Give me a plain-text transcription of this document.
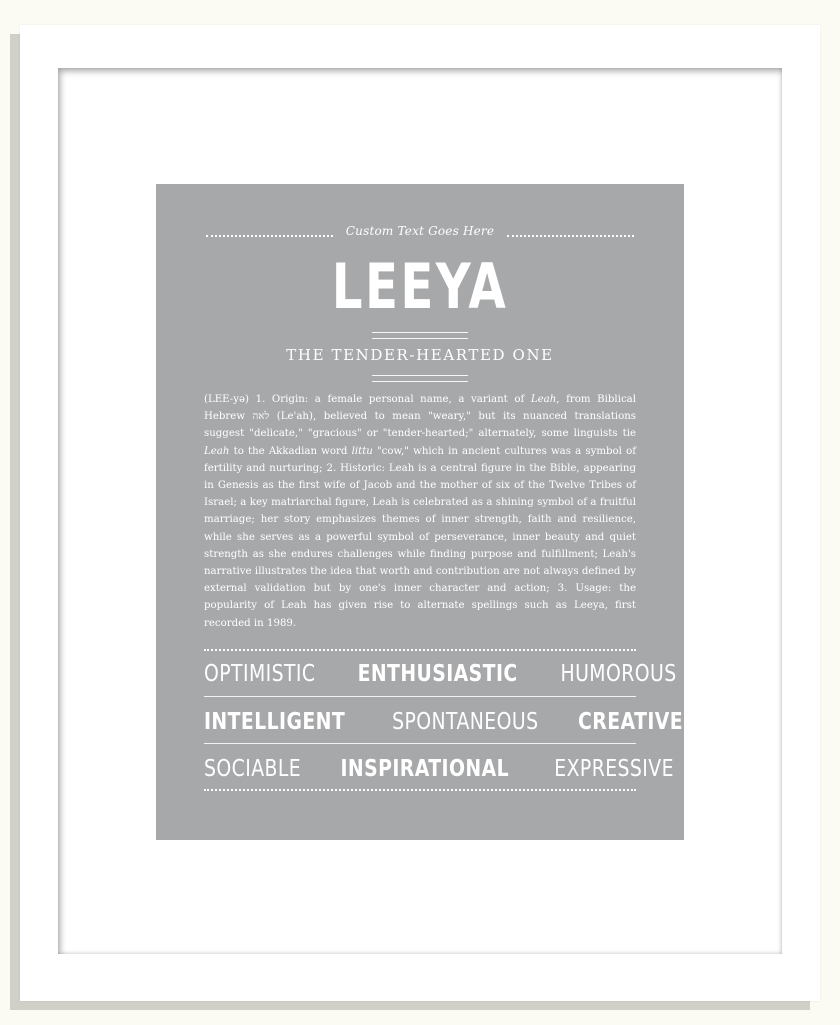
Custom Text Goes Here
LEEYA
THE TENDER-HEARTED ONE
(LEE-yə) 1. Origin: a female personal name, a variant of Leah, from Biblical Hebrew לאה (Le'ah), believed to mean "weary," but its nuanced translations suggest "delicate," "gracious" or "tender-hearted;" alternately, some linguists tie Leah to the Akkadian word littu "cow," which in ancient cultures was a symbol of fertility and nurturing; 2. Historic: Leah is a central figure in the Bible, appearing in Genesis as the first wife of Jacob and the mother of six of the Twelve Tribes of Israel; a key matriarchal figure, Leah is celebrated as a shining symbol of a fruitful marriage; her story emphasizes themes of inner strength, faith and resilience, while she serves as a powerful symbol of perseverance, inner beauty and quiet strength as she endures challenges while finding purpose and fulfillment; Leah's narrative illustrates the idea that worth and contribution are not always defined by external validation but by one's inner character and action; 3. Usage: the popularity of Leah has given rise to alternate spellings such as Leeya, first recorded in 1989.
OPTIMISTIC ENTHUSIASTIC HUMOROUS
INTELLIGENT SPONTANEOUS CREATIVE
SOCIABLE INSPIRATIONAL EXPRESSIVE
